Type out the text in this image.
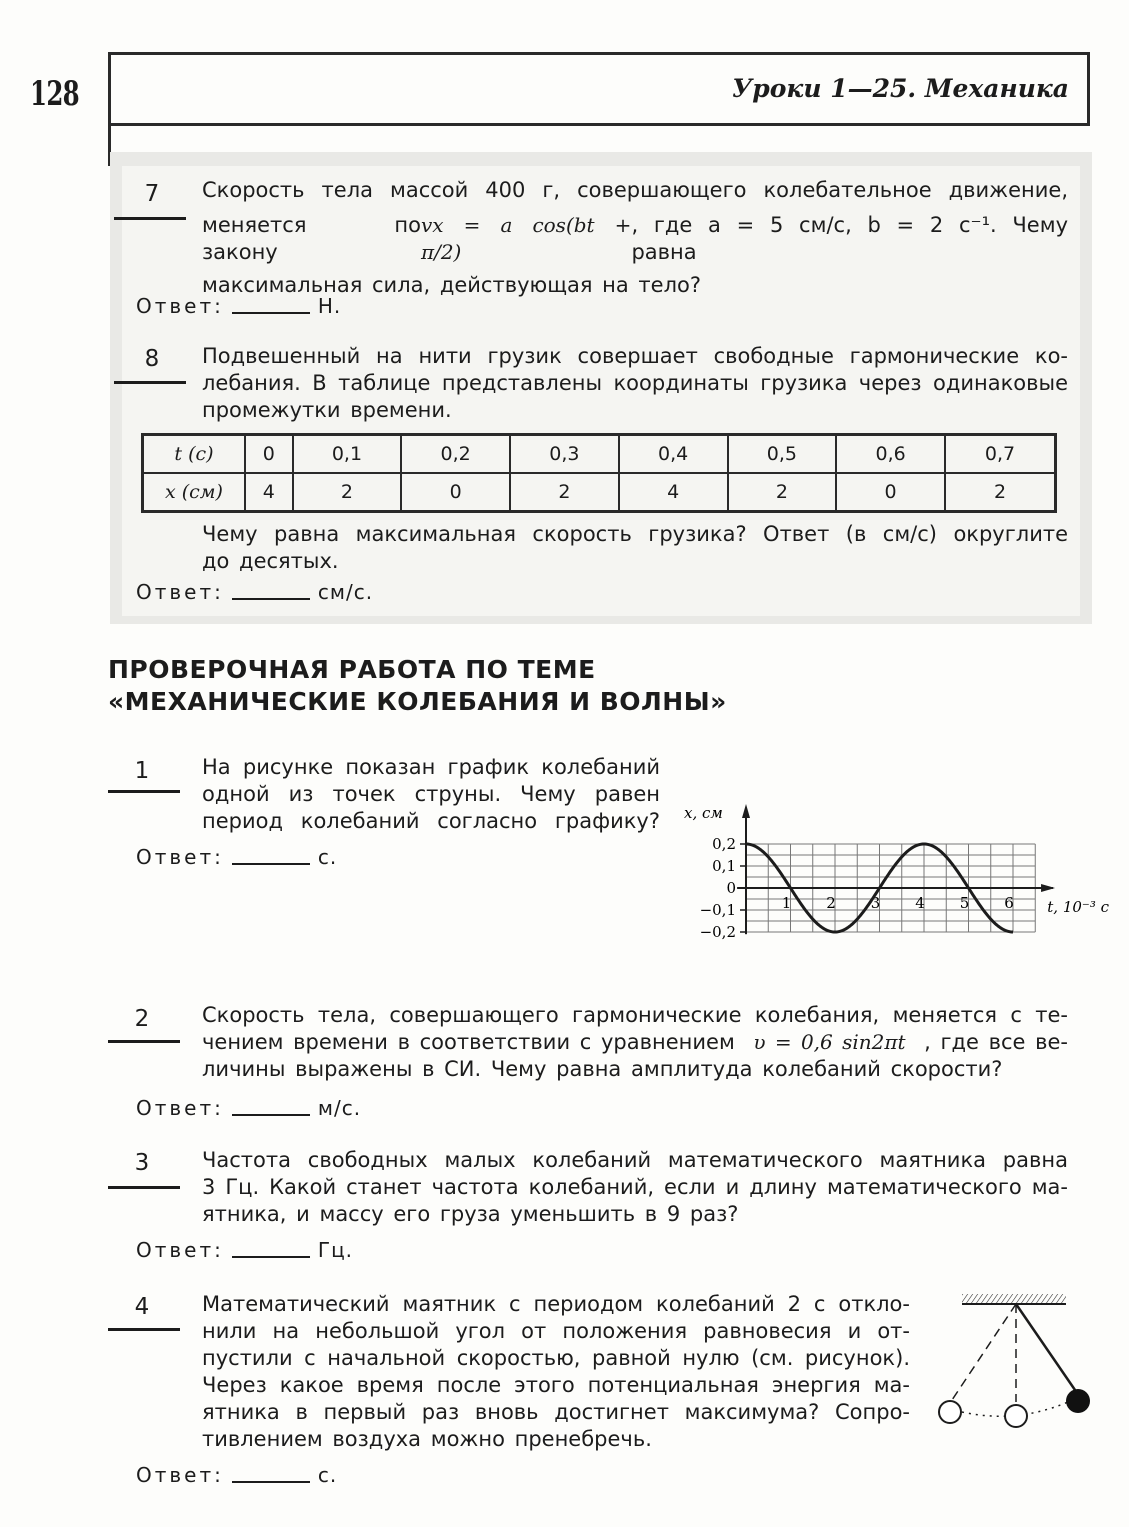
128	Уроки 1—25. Механика
7	Скорость тела массой 400 г, совершающего колебательное движение,
меняется по закону
vx = a cos(bt + π/2)
, где a = 5 см/с, b = 2 с⁻¹. Чему равна
максимальная сила, действующая на тело?
Ответ:	Н.
8	Подвешенный на нити грузик совершает свободные гармонические ко-
лебания. В таблице представлены координаты грузика через одинаковые
промежутки времени.
t (с)	0	0,1	0,2	0,3	0,4	0,5	0,6	0,7
x (см)	4	2	0	2	4	2	0	2
Чему равна максимальная скорость грузика? Ответ (в см/с) округлите
до десятых.
Ответ:	см/с.
ПРОВЕРОЧНАЯ РАБОТА ПО ТЕМЕ
«МЕХАНИЧЕСКИЕ КОЛЕБАНИЯ И ВОЛНЫ»
1	На рисунке показан график колебаний
одной из точек струны. Чему равен
период колебаний согласно графику?
Ответ:	с.
0,2
0,1
0
−0,1
−0,2
1 2 3 4 5 6
x, см
t, 10⁻³ с
2	Скорость тела, совершающего гармонические колебания, меняется с те-
чением времени в соответствии с уравнением υ = 0,6 sin2πt , где все ве-
личины выражены в СИ. Чему равна амплитуда колебаний скорости?
Ответ:	м/с.
3	Частота свободных малых колебаний математического маятника равна
3 Гц. Какой станет частота колебаний, если и длину математического ма-
ятника, и массу его груза уменьшить в 9 раз?
Ответ:	Гц.
4	Математический маятник с периодом колебаний 2 с откло-
нили на небольшой угол от положения равновесия и от-
пустили с начальной скоростью, равной нулю (см. рисунок).
Через какое время после этого потенциальная энергия ма-
ятника в первый раз вновь достигнет максимума? Сопро-
тивлением воздуха можно пренебречь.
Ответ:	с.
